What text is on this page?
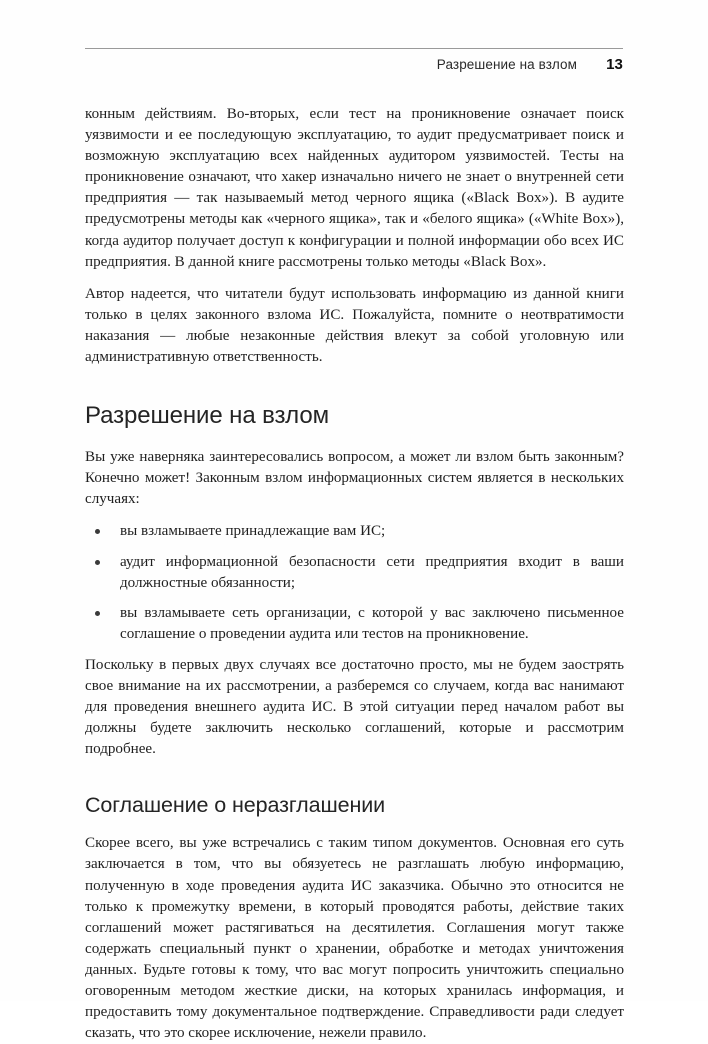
Разрешение на взлом 13

конным действиям. Во-вторых, если тест на проникновение означает поиск уязвимости и ее последующую эксплуатацию, то аудит предусматривает поиск и возможную эксплуатацию всех найденных аудитором уязвимостей. Тесты на проникновение означают, что хакер изначально ничего не знает о внутренней сети предприятия — так называемый метод черного ящика («Black Box»). В аудите предусмотрены методы как «черного ящика», так и «белого ящика» («White Box»), когда аудитор получает доступ к конфигурации и полной информации обо всех ИС предприятия. В данной книге рассмотрены только методы «Black Box».

Автор надеется, что читатели будут использовать информацию из данной книги только в целях законного взлома ИС. Пожалуйста, помните о неотвратимости наказания — любые незаконные действия влекут за собой уголовную или административную ответственность.

Разрешение на взлом

Вы уже наверняка заинтересовались вопросом, а может ли взлом быть законным? Конечно может! Законным взлом информационных систем является в нескольких случаях:

вы взламываете принадлежащие вам ИС;
аудит информационной безопасности сети предприятия входит в ваши должностные обязанности;
вы взламываете сеть организации, с которой у вас заключено письменное соглашение о проведении аудита или тестов на проникновение.

Поскольку в первых двух случаях все достаточно просто, мы не будем заострять свое внимание на их рассмотрении, а разберемся со случаем, когда вас нанимают для проведения внешнего аудита ИС. В этой ситуации перед началом работ вы должны будете заключить несколько соглашений, которые и рассмотрим подробнее.

Соглашение о неразглашении

Скорее всего, вы уже встречались с таким типом документов. Основная его суть заключается в том, что вы обязуетесь не разглашать любую информацию, полученную в ходе проведения аудита ИС заказчика. Обычно это относится не только к промежутку времени, в который проводятся работы, действие таких соглашений может растягиваться на десятилетия. Соглашения могут также содержать специальный пункт о хранении, обработке и методах уничтожения данных. Будьте готовы к тому, что вас могут попросить уничтожить специально оговоренным методом жесткие диски, на которых хранилась информация, и предоставить тому документальное подтверждение. Справедливости ради следует сказать, что это скорее исключение, нежели правило.
